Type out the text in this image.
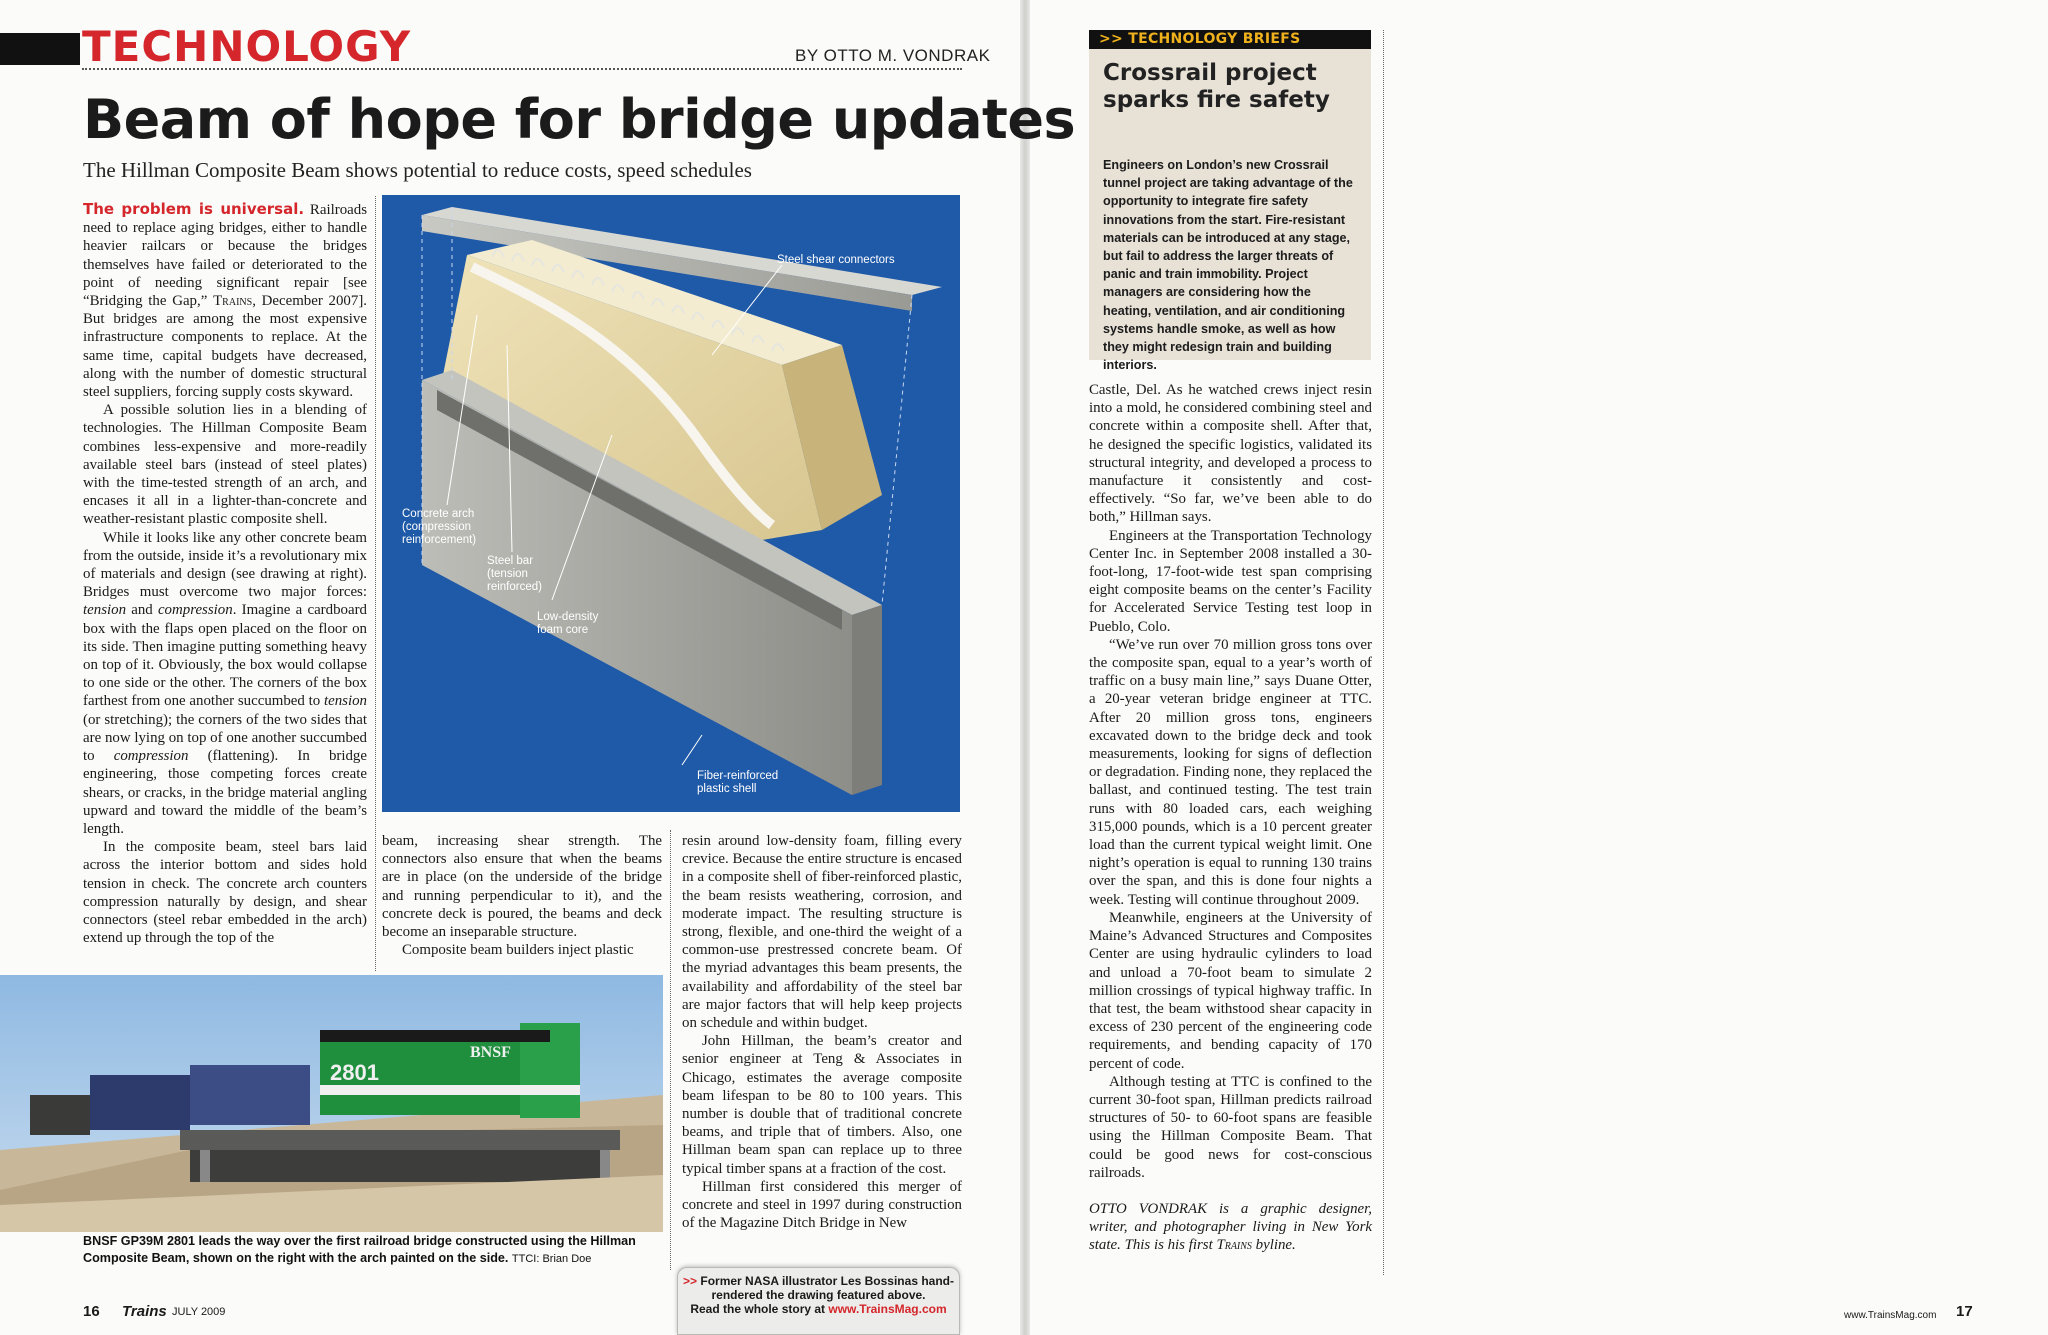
TECHNOLOGY	BY OTTO M. VONDRAK
Beam of hope for bridge updates
The Hillman Composite Beam shows potential to reduce costs, speed schedules

The problem is universal. Railroads need to replace aging bridges, either to handle heavier railcars or because the bridges themselves have failed or deteriorated to the point of needing significant repair [see “Bridging the Gap,” Trains, December 2007]. But bridges are among the most expensive infrastructure components to replace. At the same time, capital budgets have decreased, along with the number of domestic structural steel suppliers, forcing supply costs skyward.

A possible solution lies in a blending of technologies. The Hillman Composite Beam combines less-expensive and more-readily available steel bars (instead of steel plates) with the time-tested strength of an arch, and encases it all in a lighter-than-concrete and weather-resistant plastic composite shell.

While it looks like any other concrete beam from the outside, inside it’s a revolutionary mix of materials and design (see drawing at right). Bridges must overcome two major forces: tension and compression. Imagine a cardboard box with the flaps open placed on the floor on its side. Then imagine putting something heavy on top of it. Obviously, the box would collapse to one side or the other. The corners of the box farthest from one another succumbed to tension (or stretching); the corners of the two sides that are now lying on top of one another succumbed to compression (flattening). In bridge engineering, those competing forces create shears, or cracks, in the bridge material angling upward and toward the middle of the beam’s length.

In the composite beam, steel bars laid across the interior bottom and sides hold tension in check. The concrete arch counters compression naturally by design, and shear connectors (steel rebar embedded in the arch) extend up through the top of the

Steel shear connectors
Concrete arch
(compression
reinforcement)
Steel bar
(tension
reinforced)
Low-density
foam core
Fiber-reinforced
plastic shell

beam, increasing shear strength. The connectors also ensure that when the beams are in place (on the underside of the bridge and running perpendicular to it), and the concrete deck is poured, the beams and deck become an inseparable structure.

Composite beam builders inject plastic

resin around low-density foam, filling every crevice. Because the entire structure is encased in a composite shell of fiber-reinforced plastic, the beam resists weathering, corrosion, and moderate impact. The resulting structure is strong, flexible, and one-third the weight of a common-use prestressed concrete beam. Of the myriad advantages this beam presents, the availability and affordability of the steel bar are major factors that will help keep projects on schedule and within budget.

John Hillman, the beam’s creator and senior engineer at Teng & Associates in Chicago, estimates the average composite beam lifespan to be 80 to 100 years. This number is double that of traditional concrete beams, and triple that of timbers. Also, one Hillman beam span can replace up to three typical timber spans at a fraction of the cost.

Hillman first considered this merger of concrete and steel in 1997 during construction of the Magazine Ditch Bridge in New

BNSF
2801
BNSF GP39M 2801 leads the way over the first railroad bridge constructed using the Hillman Composite Beam, shown on the right with the arch painted on the side. TTCI: Brian Doe
>> Former NASA illustrator Les Bossinas hand-rendered the drawing featured above.
Read the whole story at www.TrainsMag.com
16 Trains JULY 2009
>> TECHNOLOGY BRIEFS
Crossrail project sparks fire safety
Engineers on London’s new Crossrail tunnel project are taking advantage of the opportunity to integrate fire safety innovations from the start. Fire-resistant materials can be introduced at any stage, but fail to address the larger threats of panic and train immobility. Project managers are considering how the heating, ventilation, and air conditioning systems handle smoke, as well as how they might redesign train and building interiors.

Castle, Del. As he watched crews inject resin into a mold, he considered combining steel and concrete within a composite shell. After that, he designed the specific logistics, validated its structural integrity, and developed a process to manufacture it consistently and cost-effectively. “So far, we’ve been able to do both,” Hillman says.

Engineers at the Transportation Technology Center Inc. in September 2008 installed a 30-foot-long, 17-foot-wide test span comprising eight composite beams on the center’s Facility for Accelerated Service Testing test loop in Pueblo, Colo.

“We’ve run over 70 million gross tons over the composite span, equal to a year’s worth of traffic on a busy main line,” says Duane Otter, a 20-year veteran bridge engineer at TTC. After 20 million gross tons, engineers excavated down to the bridge deck and took measurements, looking for signs of deflection or degradation. Finding none, they replaced the ballast, and continued testing. The test train runs with 80 loaded cars, each weighing 315,000 pounds, which is a 10 percent greater load than the current typical weight limit. One night’s operation is equal to running 130 trains over the span, and this is done four nights a week. Testing will continue throughout 2009.

Meanwhile, engineers at the University of Maine’s Advanced Structures and Composites Center are using hydraulic cylinders to load and unload a 70-foot beam to simulate 2 million crossings of typical highway traffic. In that test, the beam withstood shear capacity in excess of 230 percent of the engineering code requirements, and bending capacity of 170 percent of code.

Although testing at TTC is confined to the current 30-foot span, Hillman predicts railroad structures of 50- to 60-foot spans are feasible using the Hillman Composite Beam. That could be good news for cost-conscious railroads.

OTTO VONDRAK is a graphic designer, writer, and photographer living in New York state. This is his first Trains byline.

www.TrainsMag.com 17
